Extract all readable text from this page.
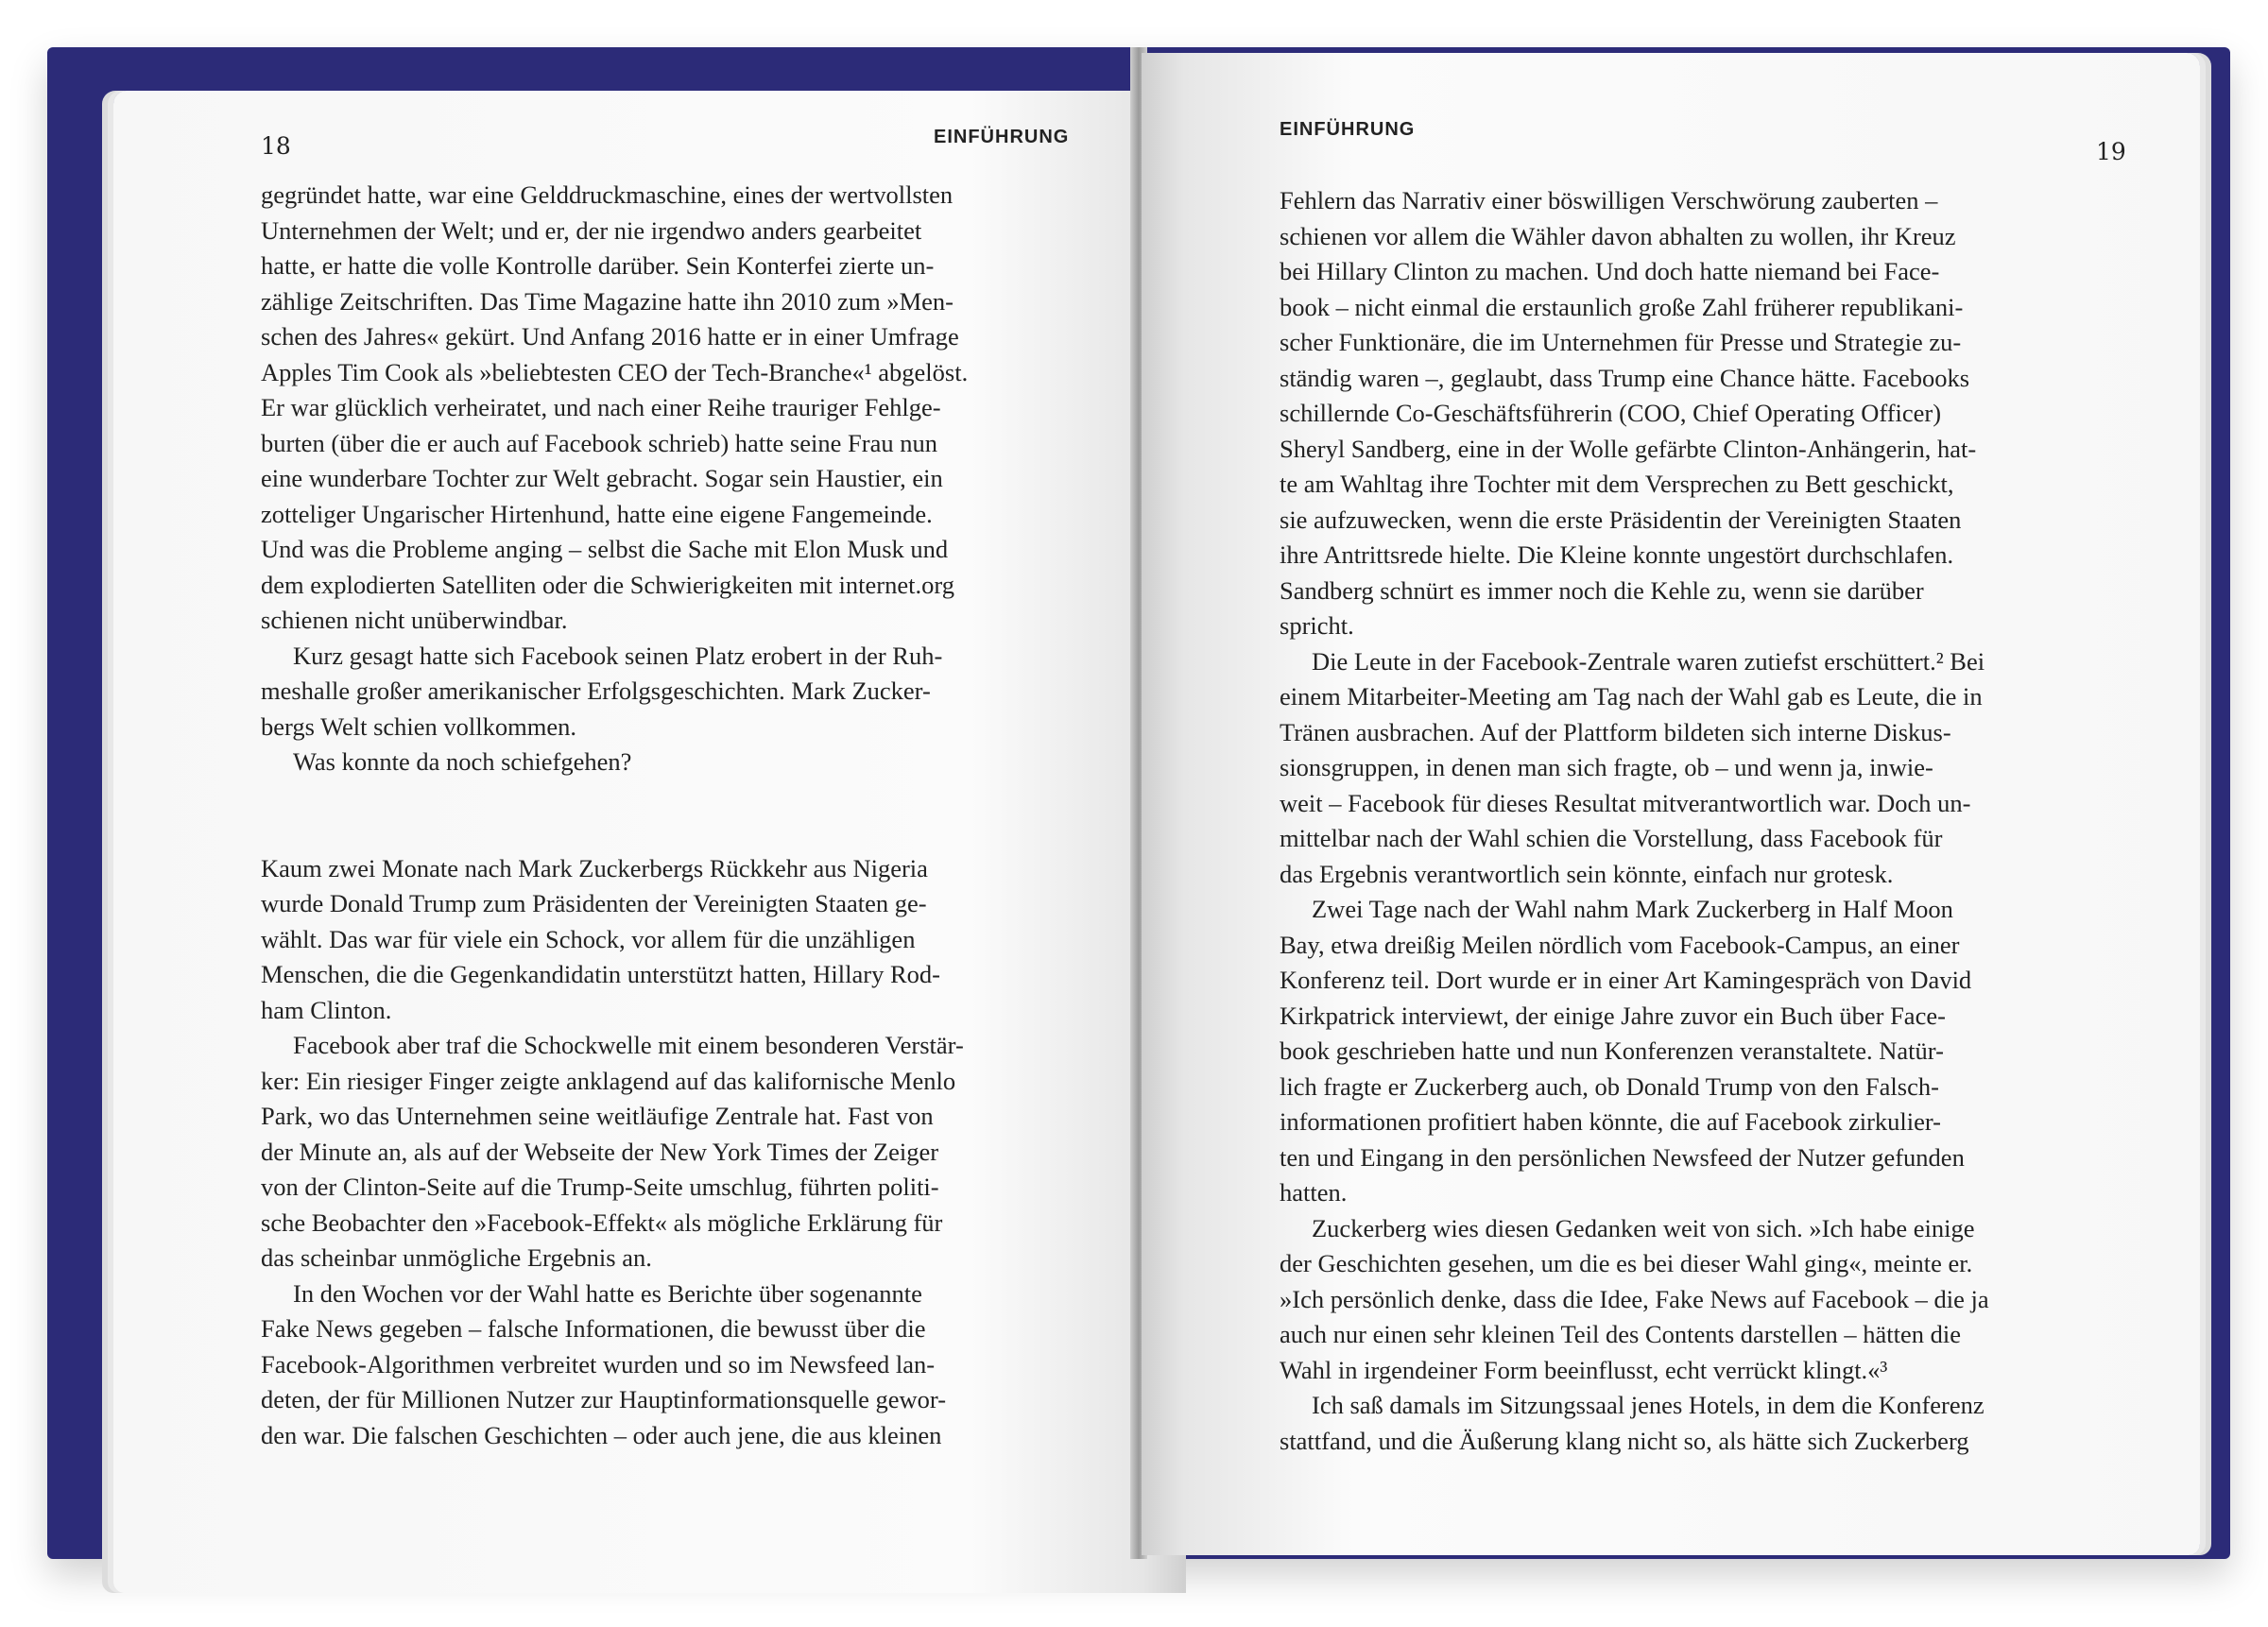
18	EINFÜHRUNG
gegründet hatte, war eine Gelddruckmaschine, eines der wertvollsten
Unternehmen der Welt; und er, der nie irgendwo anders gearbeitet
hatte, er hatte die volle Kontrolle darüber. Sein Konterfei zierte un-
zählige Zeitschriften. Das Time Magazine hatte ihn 2010 zum »Men-
schen des Jahres« gekürt. Und Anfang 2016 hatte er in einer Umfrage
Apples Tim Cook als »beliebtesten CEO der Tech-Branche«¹ abgelöst.
Er war glücklich verheiratet, und nach einer Reihe trauriger Fehlge-
burten (über die er auch auf Facebook schrieb) hatte seine Frau nun
eine wunderbare Tochter zur Welt gebracht. Sogar sein Haustier, ein
zotteliger Ungarischer Hirtenhund, hatte eine eigene Fangemeinde.
Und was die Probleme anging – selbst die Sache mit Elon Musk und
dem explodierten Satelliten oder die Schwierigkeiten mit internet.org
schienen nicht unüberwindbar.
Kurz gesagt hatte sich Facebook seinen Platz erobert in der Ruh-
meshalle großer amerikanischer Erfolgsgeschichten. Mark Zucker-
bergs Welt schien vollkommen.
Was konnte da noch schiefgehen?
Kaum zwei Monate nach Mark Zuckerbergs Rückkehr aus Nigeria
wurde Donald Trump zum Präsidenten der Vereinigten Staaten ge-
wählt. Das war für viele ein Schock, vor allem für die unzähligen
Menschen, die die Gegenkandidatin unterstützt hatten, Hillary Rod-
ham Clinton.
Facebook aber traf die Schockwelle mit einem besonderen Verstär-
ker: Ein riesiger Finger zeigte anklagend auf das kalifornische Menlo
Park, wo das Unternehmen seine weitläufige Zentrale hat. Fast von
der Minute an, als auf der Webseite der New York Times der Zeiger
von der Clinton-Seite auf die Trump-Seite umschlug, führten politi-
sche Beobachter den »Facebook-Effekt« als mögliche Erklärung für
das scheinbar unmögliche Ergebnis an.
In den Wochen vor der Wahl hatte es Berichte über sogenannte
Fake News gegeben – falsche Informationen, die bewusst über die
Facebook-Algorithmen verbreitet wurden und so im Newsfeed lan-
deten, der für Millionen Nutzer zur Hauptinformationsquelle gewor-
den war. Die falschen Geschichten – oder auch jene, die aus kleinen
EINFÜHRUNG
19
Fehlern das Narrativ einer böswilligen Verschwörung zauberten –
schienen vor allem die Wähler davon abhalten zu wollen, ihr Kreuz
bei Hillary Clinton zu machen. Und doch hatte niemand bei Face-
book – nicht einmal die erstaunlich große Zahl früherer republikani-
scher Funktionäre, die im Unternehmen für Presse und Strategie zu-
ständig waren –, geglaubt, dass Trump eine Chance hätte. Facebooks
schillernde Co-Geschäftsführerin (COO, Chief Operating Officer)
Sheryl Sandberg, eine in der Wolle gefärbte Clinton-Anhängerin, hat-
te am Wahltag ihre Tochter mit dem Versprechen zu Bett geschickt,
sie aufzuwecken, wenn die erste Präsidentin der Vereinigten Staaten
ihre Antrittsrede hielte. Die Kleine konnte ungestört durchschlafen.
Sandberg schnürt es immer noch die Kehle zu, wenn sie darüber
spricht.
Die Leute in der Facebook-Zentrale waren zutiefst erschüttert.² Bei
einem Mitarbeiter-Meeting am Tag nach der Wahl gab es Leute, die in
Tränen ausbrachen. Auf der Plattform bildeten sich interne Diskus-
sionsgruppen, in denen man sich fragte, ob – und wenn ja, inwie-
weit – Facebook für dieses Resultat mitverantwortlich war. Doch un-
mittelbar nach der Wahl schien die Vorstellung, dass Facebook für
das Ergebnis verantwortlich sein könnte, einfach nur grotesk.
Zwei Tage nach der Wahl nahm Mark Zuckerberg in Half Moon
Bay, etwa dreißig Meilen nördlich vom Facebook-Campus, an einer
Konferenz teil. Dort wurde er in einer Art Kamingespräch von David
Kirkpatrick interviewt, der einige Jahre zuvor ein Buch über Face-
book geschrieben hatte und nun Konferenzen veranstaltete. Natür-
lich fragte er Zuckerberg auch, ob Donald Trump von den Falsch-
informationen profitiert haben könnte, die auf Facebook zirkulier-
ten und Eingang in den persönlichen Newsfeed der Nutzer gefunden
hatten.
Zuckerberg wies diesen Gedanken weit von sich. »Ich habe einige
der Geschichten gesehen, um die es bei dieser Wahl ging«, meinte er.
»Ich persönlich denke, dass die Idee, Fake News auf Facebook – die ja
auch nur einen sehr kleinen Teil des Contents darstellen – hätten die
Wahl in irgendeiner Form beeinflusst, echt verrückt klingt.«³
Ich saß damals im Sitzungssaal jenes Hotels, in dem die Konferenz
stattfand, und die Äußerung klang nicht so, als hätte sich Zuckerberg
